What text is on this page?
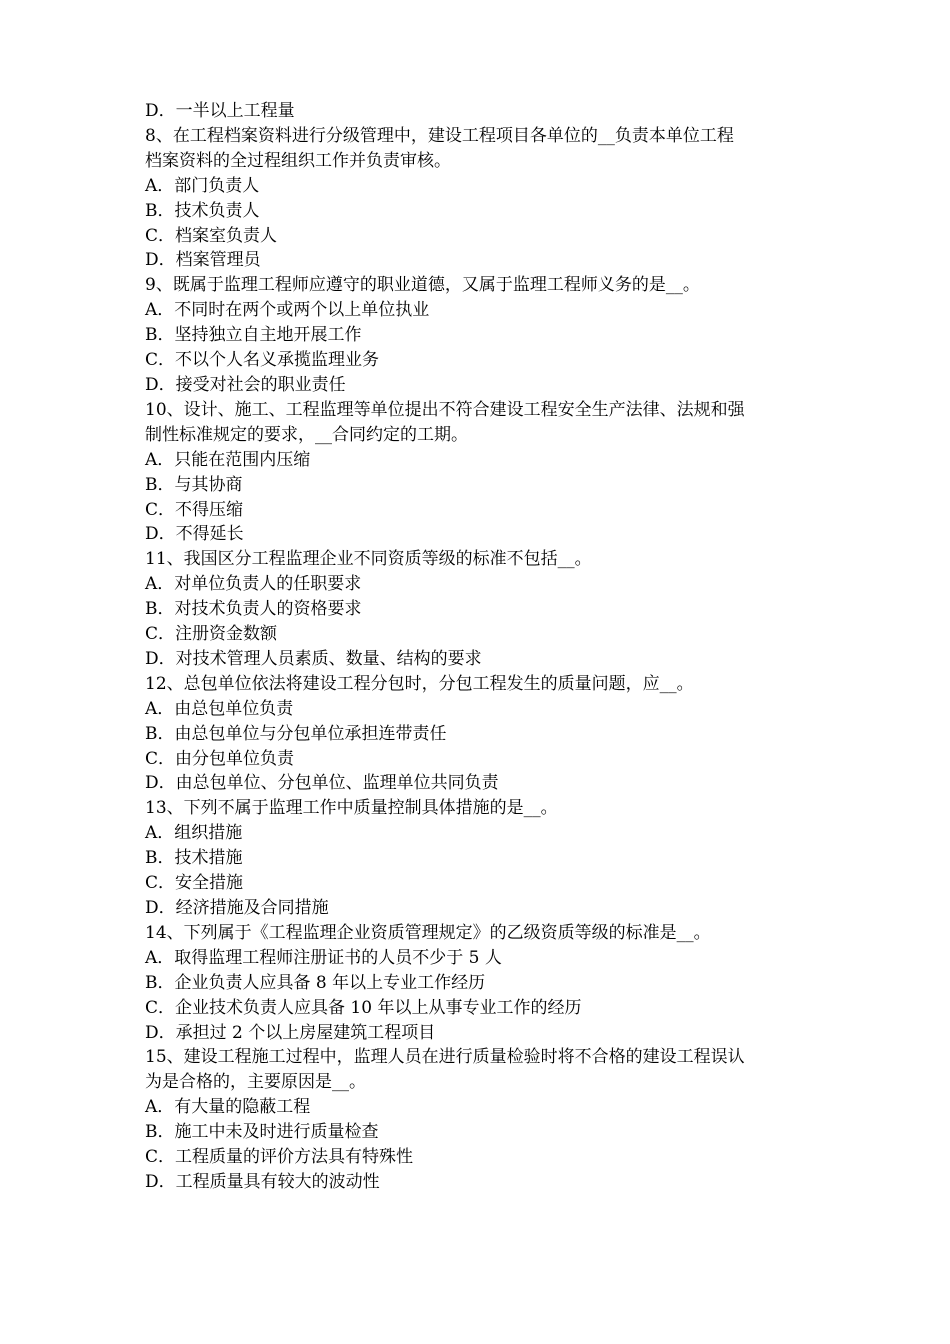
D．一半以上工程量

8、在工程档案资料进行分级管理中，建设工程项目各单位的__负责本单位工程

档案资料的全过程组织工作并负责审核。

A．部门负责人

B．技术负责人

C．档案室负责人

D．档案管理员

9、既属于监理工程师应遵守的职业道德，又属于监理工程师义务的是__。

A．不同时在两个或两个以上单位执业

B．坚持独立自主地开展工作

C．不以个人名义承揽监理业务

D．接受对社会的职业责任

10、设计、施工、工程监理等单位提出不符合建设工程安全生产法律、法规和强

制性标准规定的要求，__合同约定的工期。

A．只能在范围内压缩

B．与其协商

C．不得压缩

D．不得延长

11、我国区分工程监理企业不同资质等级的标准不包括__。

A．对单位负责人的任职要求

B．对技术负责人的资格要求

C．注册资金数额

D．对技术管理人员素质、数量、结构的要求

12、总包单位依法将建设工程分包时，分包工程发生的质量问题，应__。

A．由总包单位负责

B．由总包单位与分包单位承担连带责任

C．由分包单位负责

D．由总包单位、分包单位、监理单位共同负责

13、下列不属于监理工作中质量控制具体措施的是__。

A．组织措施

B．技术措施

C．安全措施

D．经济措施及合同措施

14、下列属于《工程监理企业资质管理规定》的乙级资质等级的标准是__。

A．取得监理工程师注册证书的人员不少于 5 人

B．企业负责人应具备 8 年以上专业工作经历

C．企业技术负责人应具备 10 年以上从事专业工作的经历

D．承担过 2 个以上房屋建筑工程项目

15、建设工程施工过程中，监理人员在进行质量检验时将不合格的建设工程误认

为是合格的，主要原因是__。

A．有大量的隐蔽工程

B．施工中未及时进行质量检查

C．工程质量的评价方法具有特殊性

D．工程质量具有较大的波动性
